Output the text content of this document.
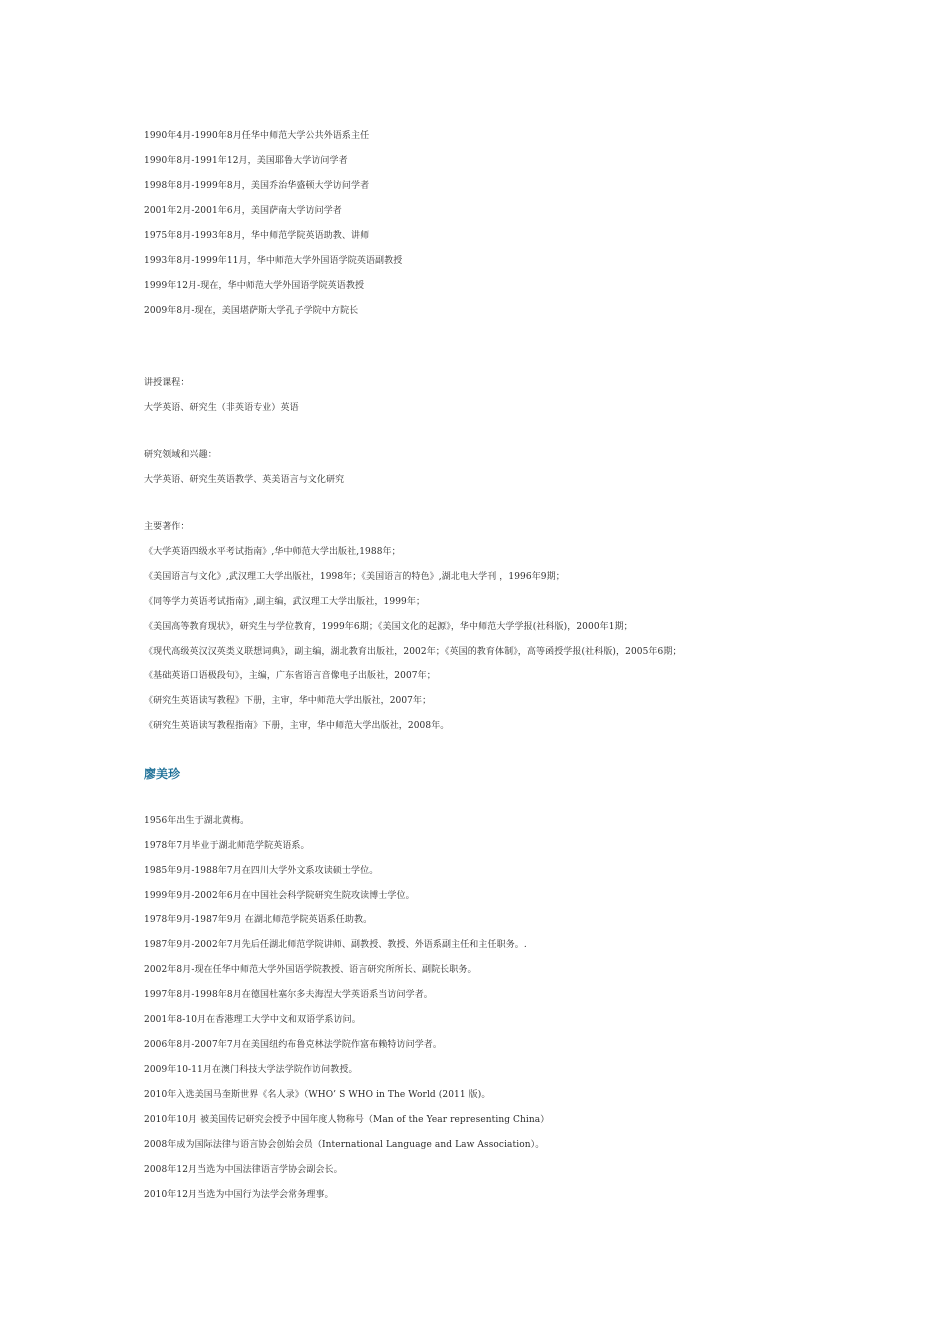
1990年4月-1990年8月任华中师范大学公共外语系主任
1990年8月-1991年12月，美国耶鲁大学访问学者
1998年8月-1999年8月，美国乔治华盛顿大学访问学者
2001年2月-2001年6月，美国萨南大学访问学者
1975年8月-1993年8月，华中师范学院英语助教、讲师
1993年8月-1999年11月，华中师范大学外国语学院英语副教授
1999年12月-现在，华中师范大学外国语学院英语教授
2009年8月-现在，美国堪萨斯大学孔子学院中方院长
讲授课程：
大学英语、研究生（非英语专业）英语
研究领域和兴趣：
大学英语、研究生英语教学、英美语言与文化研究
主要著作：
《大学英语四级水平考试指南》,华中师范大学出版社,1988年；
《美国语言与文化》,武汉理工大学出版社，1998年；《美国语言的特色》,湖北电大学刊 ，1996年9期；
《同等学力英语考试指南》,副主编，武汉理工大学出版社，1999年；
《美国高等教育现状》，研究生与学位教育，1999年6期；《美国文化的起源》，华中师范大学学报(社科版)，2000年1期；
《现代高级英汉汉英类义联想词典》，副主编，湖北教育出版社，2002年；《英国的教育体制》，高等函授学报(社科版)，2005年6期；
《基础英语口语极段句》，主编，广东省语言音像电子出版社，2007年；
《研究生英语读写教程》下册，主审，华中师范大学出版社，2007年；
《研究生英语读写教程指南》下册，主审，华中师范大学出版社，2008年。
廖美珍
1956年出生于湖北黄梅。
1978年7月毕业于湖北师范学院英语系。
1985年9月-1988年7月在四川大学外文系攻读硕士学位。
1999年9月-2002年6月在中国社会科学院研究生院攻读博士学位。
1978年9月-1987年9月 在湖北师范学院英语系任助教。
1987年9月-2002年7月先后任湖北师范学院讲师、副教授、教授、外语系副主任和主任职务。.
2002年8月-现在任华中师范大学外国语学院教授、语言研究所所长、副院长职务。
1997年8月-1998年8月在德国杜塞尔多夫海涅大学英语系当访问学者。
2001年8-10月在香港理工大学中文和双语学系访问。
2006年8月-2007年7月在美国纽约布鲁克林法学院作富布赖特访问学者。
2009年10-11月在澳门科技大学法学院作访问教授。
2010年入选美国马奎斯世界《名人录》（WHO’ S WHO in The World (2011 版)。
2010年10月 被美国传记研究会授予中国年度人物称号（Man of the Year representing China）
2008年成为国际法律与语言协会创始会员（International Language and Law Association）。
2008年12月当选为中国法律语言学协会副会长。
2010年12月当选为中国行为法学会常务理事。
